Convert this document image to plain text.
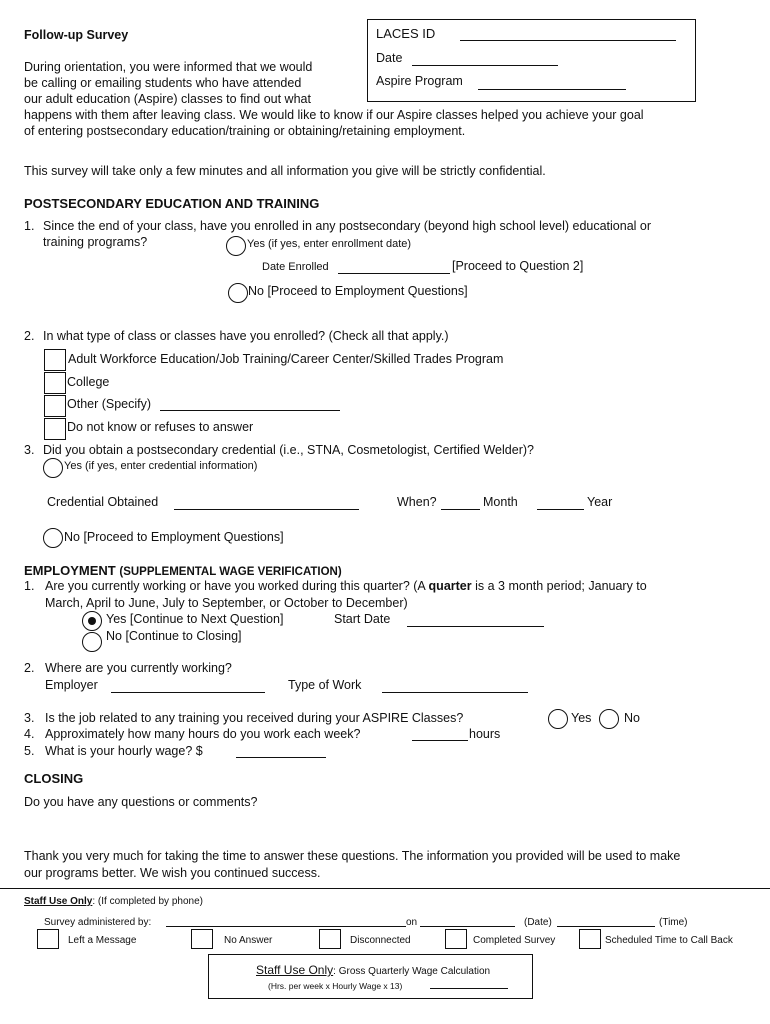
Follow-up Survey	LACES ID
Date
Aspire Program
During orientation, you were informed that we would
be calling or emailing students who have attended
our adult education (Aspire) classes to find out what
happens with them after leaving class. We would like to know if our Aspire classes helped you achieve your goal
of entering postsecondary education/training or obtaining/retaining employment.
This survey will take only a few minutes and all information you give will be strictly confidential.
POSTSECONDARY EDUCATION AND TRAINING
1. Since the end of your class, have you enrolled in any postsecondary (beyond high school level) educational or
training programs?	Yes (if yes, enter enrollment date)
Date Enrolled	[Proceed to Question 2]
No [Proceed to Employment Questions]
2. In what type of class or classes have you enrolled? (Check all that apply.)
Adult Workforce Education/Job Training/Career Center/Skilled Trades Program
College
Other (Specify)
Do not know or refuses to answer
3. Did you obtain a postsecondary credential (i.e., STNA, Cosmetologist, Certified Welder)?
Yes (if yes, enter credential information)
Credential Obtained	When?	Month	Year
No [Proceed to Employment Questions]
EMPLOYMENT (SUPPLEMENTAL WAGE VERIFICATION)
1. Are you currently working or have you worked during this quarter? (A quarter is a 3 month period; January to
March, April to June, July to September, or October to December)
Yes [Continue to Next Question]	Start Date
No [Continue to Closing]
2. Where are you currently working?
Employer	Type of Work
3. Is the job related to any training you received during your ASPIRE Classes?	Yes	No
4. Approximately how many hours do you work each week?	hours
5. What is your hourly wage? $
CLOSING
Do you have any questions or comments?
Thank you very much for taking the time to answer these questions. The information you provided will be used to make
our programs better. We wish you continued success.
Staff Use Only: (If completed by phone)
Survey administered by:	on	(Date)	(Time)
Left a Message	No Answer	Disconnected	Completed Survey	Scheduled Time to Call Back
Staff Use Only: Gross Quarterly Wage Calculation
(Hrs. per week x Hourly Wage x 13)
